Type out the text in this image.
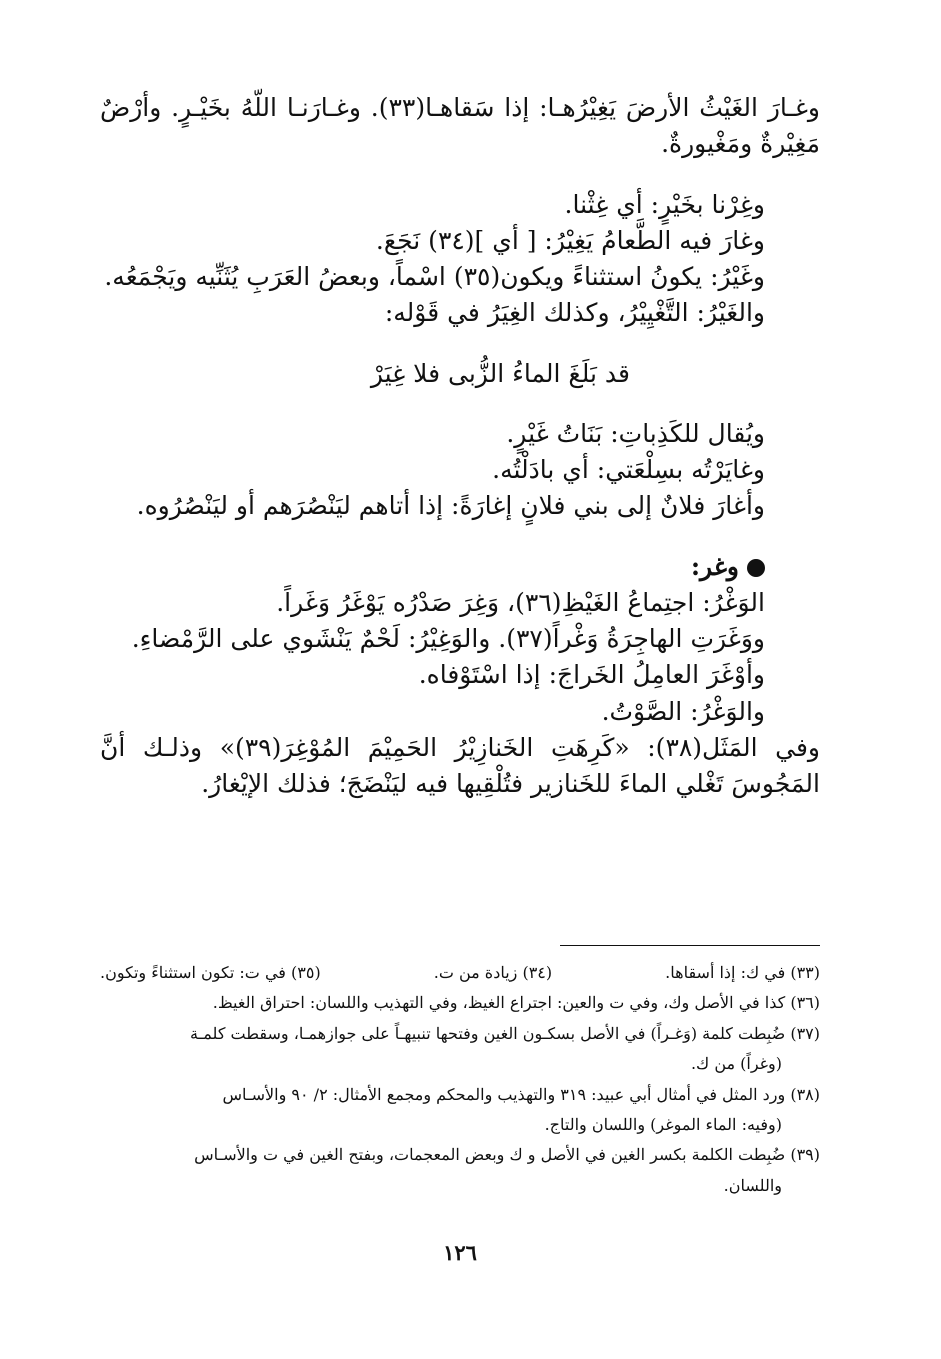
وغـارَ الغَيْثُ الأرضَ يَغِيْرُهـا: إذا سَقاهـا(٣٣). وغـارَنـا اللّهُ بخَيْـرٍ. وأرْضٌ مَغِيْرةٌ ومَغْيورةٌ.

وغِرْنا بخَيْرٍ: أي غِثْنا.

وغارَ فيه الطَّعامُ يَغِيْرُ: [ أي ](٣٤) نَجَعَ.

وغَيْرُ: يكونُ استثناءً ويكون(٣٥) اسْماً، وبعضُ العَرَبِ يُثَنِّيه ويَجْمَعُه.

والغَيْرُ: التَّغْيِيْرُ، وكذلك الغِيَرُ في قَوْله:

قد بَلَغَ الماءُ الزُّبى فلا غِيَرْ

ويُقال للكَذِباتِ: بَنَاتُ غَيْرٍ.

وغايَرْتُه بسِلْعَتي: أي بادَلْتُه.

وأغارَ فلانٌ إلى بني فلانٍ إغارَةً: إذا أتاهم ليَنْصُرَهم أو ليَنْصُرُوه.

وغر:

الوَغْرُ: اجتِماعُ الغَيْظِ(٣٦)، وَغِرَ صَدْرُه يَوْغَرُ وَغَراً.

ووَغَرَتِ الهاجِرَةُ وَغْراً(٣٧). والوَغِيْرُ: لَحْمٌ يَنْشَوي على الرَّمْضاءِ.

وأوْغَرَ العامِلُ الخَراجَ: إذا اسْتَوْفاه.

والوَغْرُ: الصَّوْتُ.

وفي المَثَل(٣٨): «كَرِهَتِ الخَنازِيْرُ الحَمِيْمَ المُوْغِرَ(٣٩)» وذلـك أنَّ المَجُوسَ تَغْلي الماءَ للخَنازير فتُلْقِيها فيه ليَنْضَجَ؛ فذلك الإيْغارُ.

(٣٣) في ك: إذا أسقاها.
(٣٤) زيادة من ت.
(٣٥) في ت: تكون استثناءً وتكون.

(٣٦) كذا في الأصل وك، وفي ت والعين: اجتراع الغيظ، وفي التهذيب واللسان: احتراق الغيظ.

(٣٧) ضُبِطت كلمة (وَغـراً) في الأصل بسكـون الغين وفتحها تنبيهـاً على جوازهمـا، وسقطت كلمـة

(وغراً) من ك.

(٣٨) ورد المثل في أمثال أبي عبيد: ٣١٩ والتهذيب والمحكم ومجمع الأمثال: ٢/ ٩٠ والأسـاس

(وفيه: الماء الموغر) واللسان والتاج.

(٣٩) ضُبِطت الكلمة بكسر الغين في الأصل و ك وبعض المعجمات، وبفتح الغين في ت والأسـاس

واللسان.

١٢٦
